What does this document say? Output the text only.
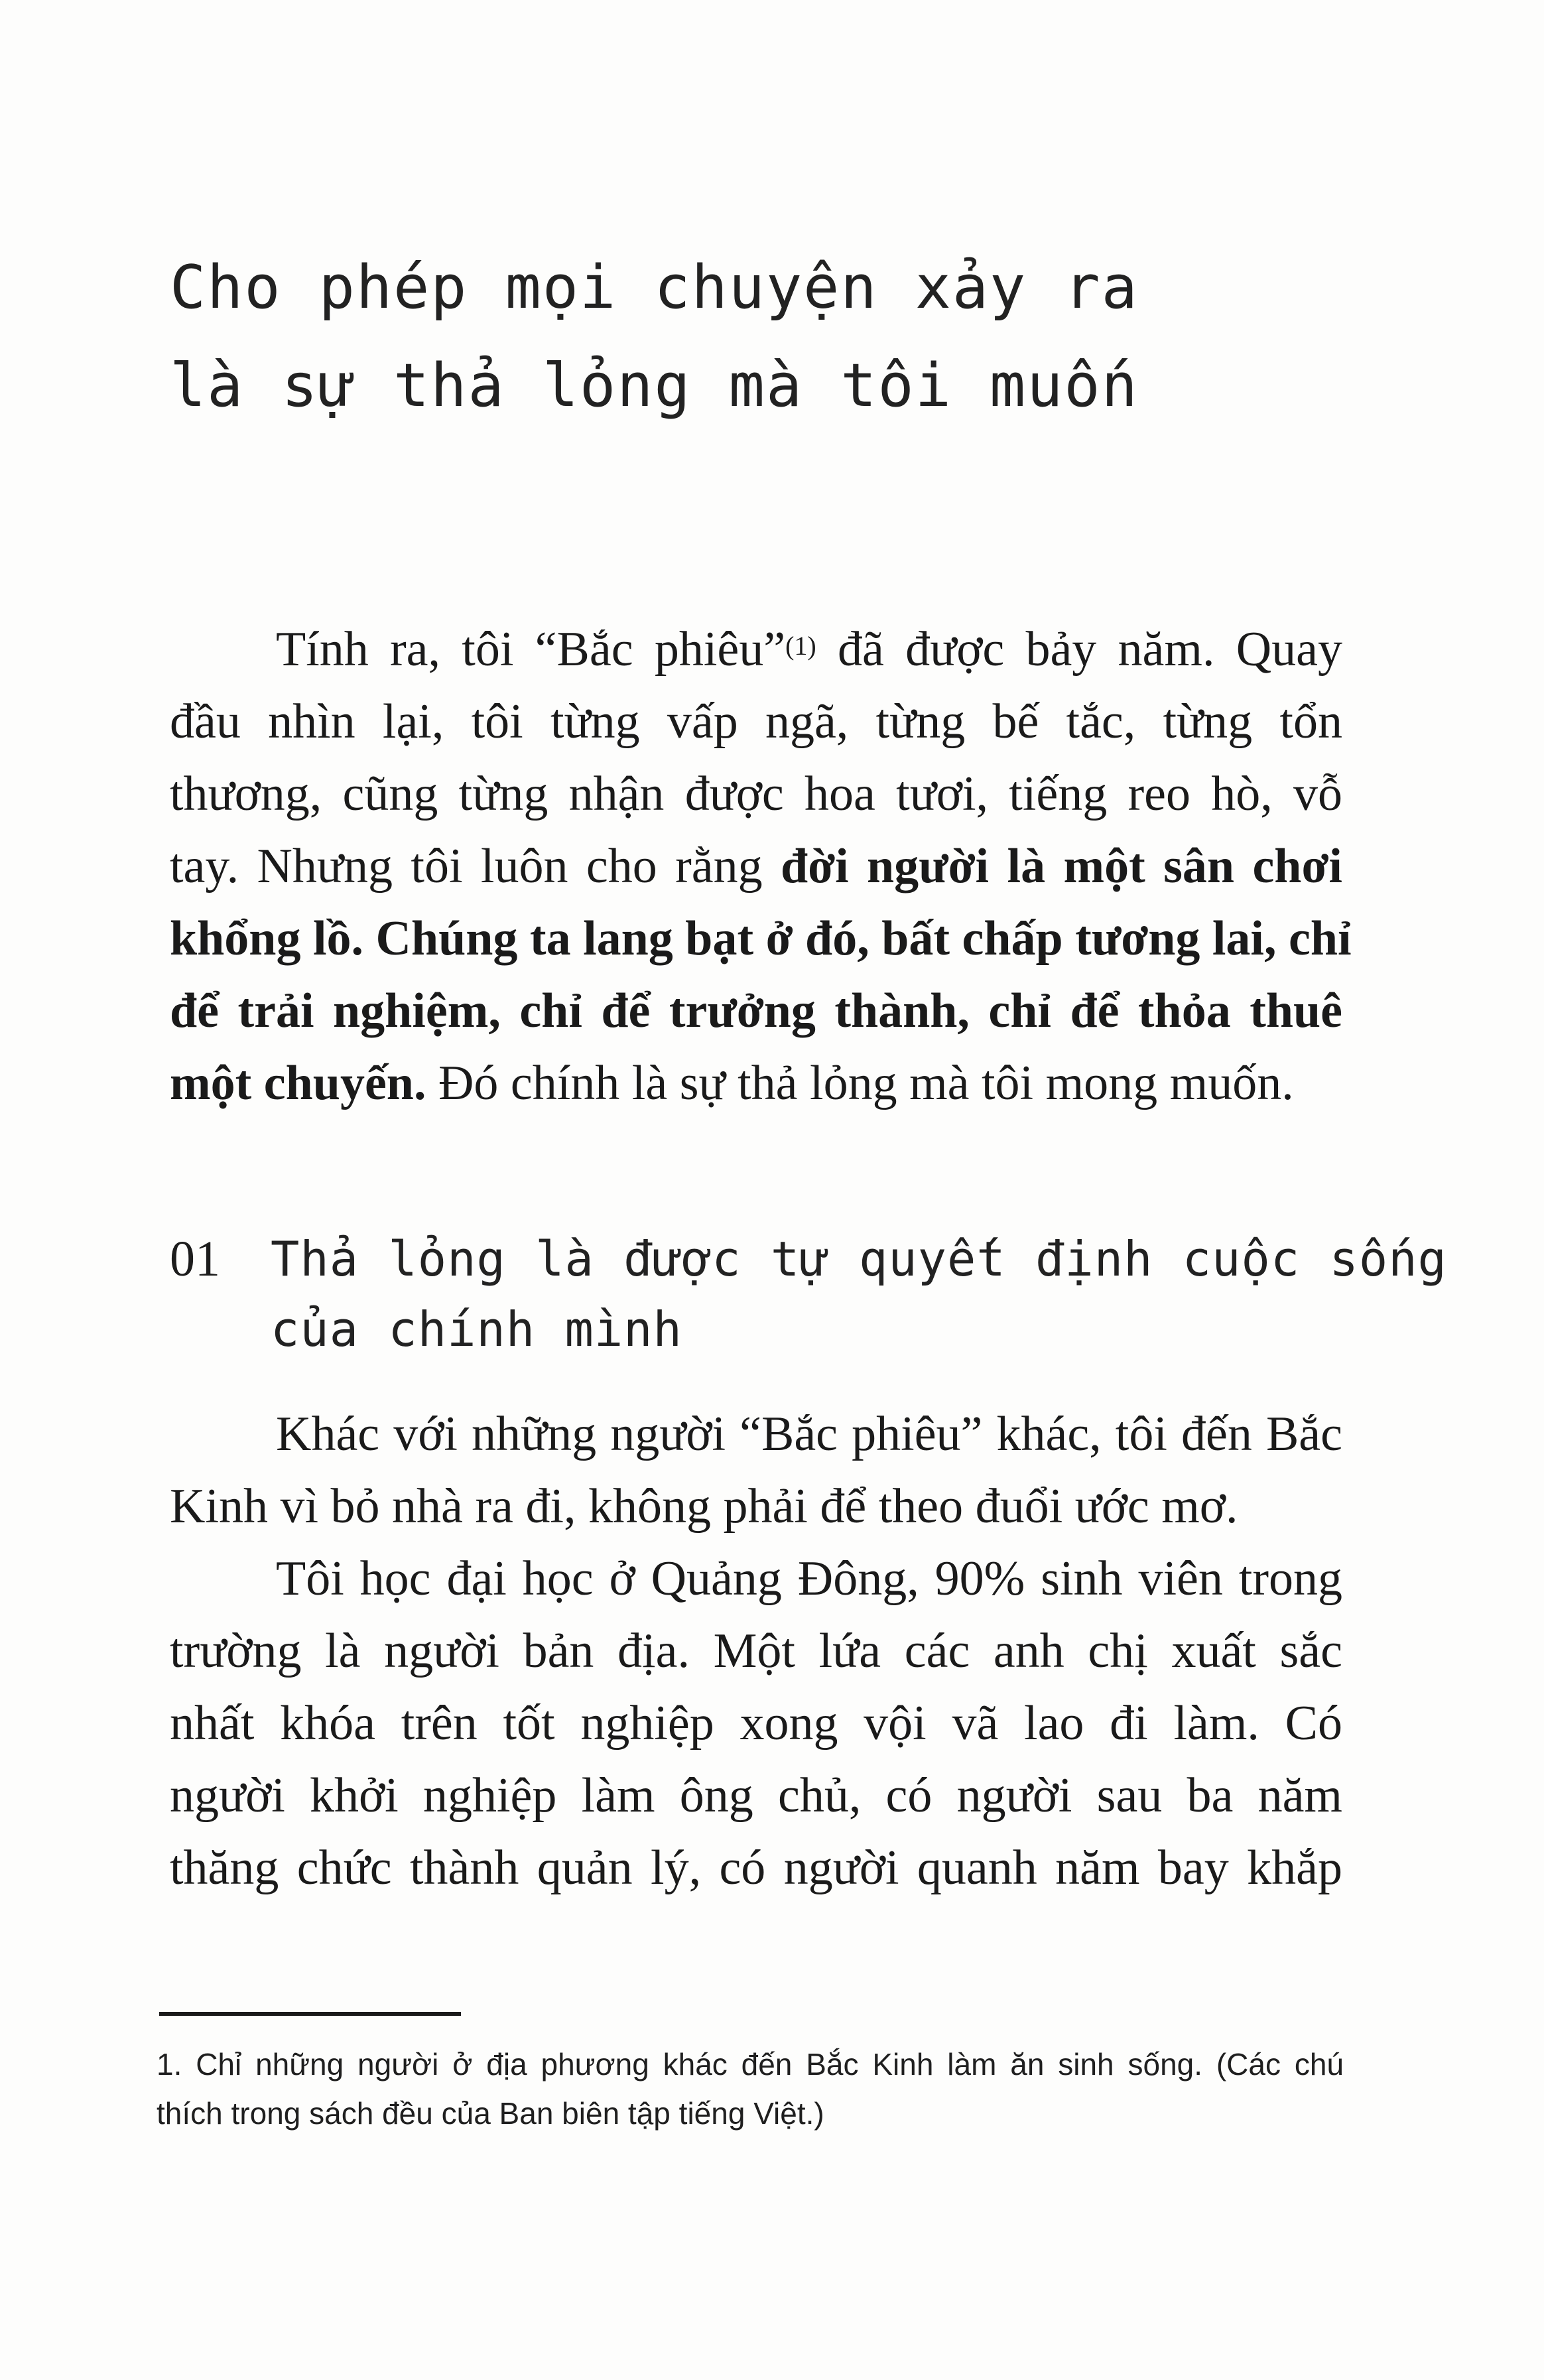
Cho phép mọi chuyện xảy ra
là sự thả lỏng mà tôi muốn
Tính ra, tôi “Bắc phiêu”$^{(1)}$ đã được bảy năm. Quay
đầu nhìn lại, tôi từng vấp ngã, từng bế tắc, từng tổn
thương, cũng từng nhận được hoa tươi, tiếng reo hò, vỗ
tay. Nhưng tôi luôn cho rằng đời người là một sân chơi
khổng lồ. Chúng ta lang bạt ở đó, bất chấp tương lai, chỉ
để trải nghiệm, chỉ để trưởng thành, chỉ để thỏa thuê
một chuyến. Đó chính là sự thả lỏng mà tôi mong muốn.
01 Thả lỏng là được tự quyết định cuộc sống
của chính mình
Khác với những người “Bắc phiêu” khác, tôi đến Bắc
Kinh vì bỏ nhà ra đi, không phải để theo đuổi ước mơ.
Tôi học đại học ở Quảng Đông, 90% sinh viên trong
trường là người bản địa. Một lứa các anh chị xuất sắc
nhất khóa trên tốt nghiệp xong vội vã lao đi làm. Có
người khởi nghiệp làm ông chủ, có người sau ba năm
thăng chức thành quản lý, có người quanh năm bay khắp
1. Chỉ những người ở địa phương khác đến Bắc Kinh làm ăn sinh sống. (Các chú
thích trong sách đều của Ban biên tập tiếng Việt.)
